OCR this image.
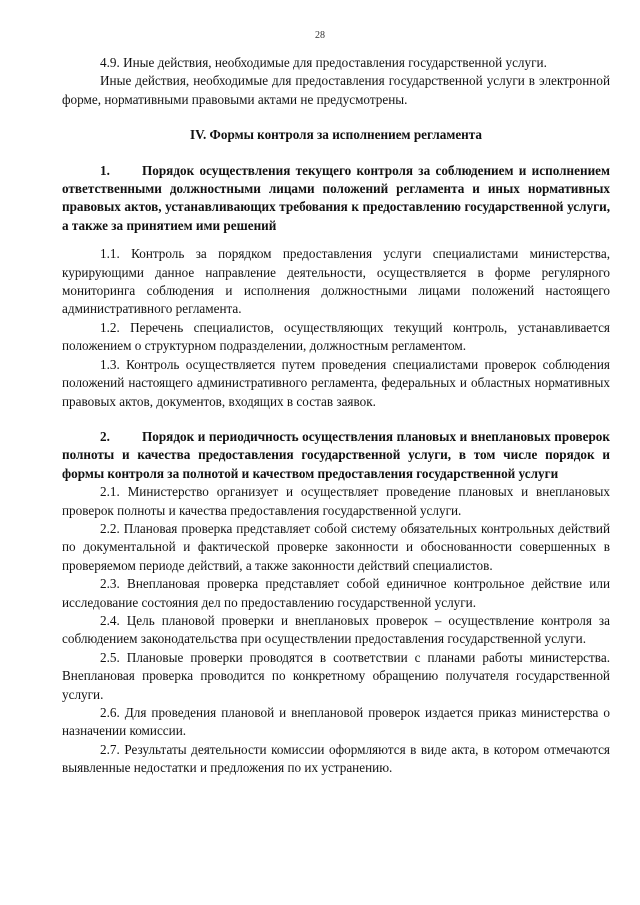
28

4.9. Иные действия, необходимые для предоставления государственной услуги.

Иные действия, необходимые для предоставления государственной услуги в электронной форме, нормативными правовыми актами не предусмотрены.

IV. Формы контроля за исполнением регламента

1. Порядок осуществления текущего контроля за соблюдением и исполнением ответственными должностными лицами положений регламента и иных нормативных правовых актов, устанавливающих требования к предоставлению государственной услуги, а также за принятием ими решений

1.1. Контроль за порядком предоставления услуги специалистами министерства, курирующими данное направление деятельности, осуществляется в форме регулярного мониторинга соблюдения и исполнения должностными лицами положений настоящего административного регламента.

1.2. Перечень специалистов, осуществляющих текущий контроль, устанавливается положением о структурном подразделении, должностным регламентом.

1.3. Контроль осуществляется путем проведения специалистами проверок соблюдения положений настоящего административного регламента, федеральных и областных нормативных правовых актов, документов, входящих в состав заявок.

2. Порядок и периодичность осуществления плановых и внеплановых проверок полноты и качества предоставления государственной услуги, в том числе порядок и формы контроля за полнотой и качеством предоставления государственной услуги

2.1. Министерство организует и осуществляет проведение плановых и внеплановых проверок полноты и качества предоставления государственной услуги.

2.2. Плановая проверка представляет собой систему обязательных контрольных действий по документальной и фактической проверке законности и обоснованности совершенных в проверяемом периоде действий, а также законности действий специалистов.

2.3. Внеплановая проверка представляет собой единичное контрольное действие или исследование состояния дел по предоставлению государственной услуги.

2.4. Цель плановой проверки и внеплановых проверок – осуществление контроля за соблюдением законодательства при осуществлении предоставления государственной услуги.

2.5. Плановые проверки проводятся в соответствии с планами работы министерства. Внеплановая проверка проводится по конкретному обращению получателя государственной услуги.

2.6. Для проведения плановой и внеплановой проверок издается приказ министерства о назначении комиссии.

2.7. Результаты деятельности комиссии оформляются в виде акта, в котором отмечаются выявленные недостатки и предложения по их устранению.
